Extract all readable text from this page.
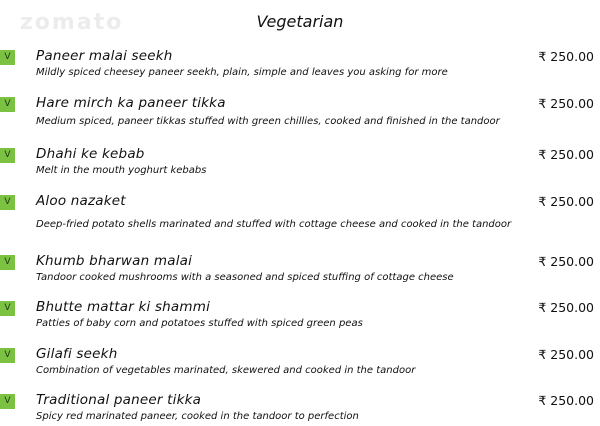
zomato	Vegetarian
V	Paneer malai seekh	₹ 250.00
Mildly spiced cheesey paneer seekh, plain, simple and leaves you asking for more
V	Hare mirch ka paneer tikka	₹ 250.00
Medium spiced, paneer tikkas stuffed with green chillies, cooked and finished in the tandoor
V	Dhahi ke kebab	₹ 250.00
Melt in the mouth yoghurt kebabs
V	Aloo nazaket	₹ 250.00
Deep-fried potato shells marinated and stuffed with cottage cheese and cooked in the tandoor
V	Khumb bharwan malai	₹ 250.00
Tandoor cooked mushrooms with a seasoned and spiced stuffing of cottage cheese
V	Bhutte mattar ki shammi	₹ 250.00
Patties of baby corn and potatoes stuffed with spiced green peas
V	Gilafi seekh	₹ 250.00
Combination of vegetables marinated, skewered and cooked in the tandoor
V	Traditional paneer tikka	₹ 250.00
Spicy red marinated paneer, cooked in the tandoor to perfection
